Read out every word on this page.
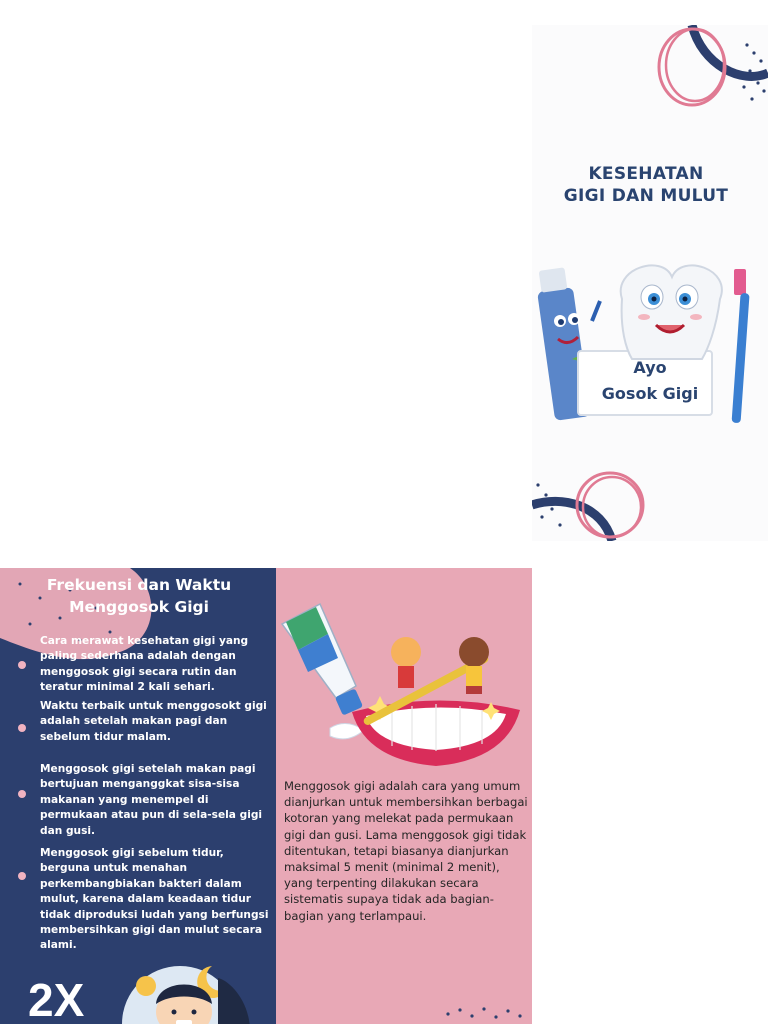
KESEHATAN
GIGI DAN MULUT
Ayo
Gosok Gigi
Frekuensi dan Waktu
Menggosok Gigi
Cara merawat kesehatan gigi yang paling sederhana adalah dengan menggosok gigi secara rutin dan teratur minimal 2 kali sehari.
Waktu terbaik untuk menggosokt gigi adalah setelah makan pagi dan sebelum tidur malam.
Menggosok gigi setelah makan pagi bertujuan menganggkat sisa-sisa makanan yang menempel di permukaan atau pun di sela-sela gigi dan gusi.
Menggosok gigi sebelum tidur, berguna untuk menahan perkembangbiakan bakteri dalam mulut, karena dalam keadaan tidur tidak diproduksi ludah yang berfungsi membersihkan gigi dan mulut secara alami.
2X
Menggosok gigi adalah cara yang umum dianjurkan untuk membersihkan berbagai kotoran yang melekat pada permukaan gigi dan gusi. Lama menggosok gigi tidak ditentukan, tetapi biasanya dianjurkan maksimal 5 menit (minimal 2 menit), yang terpenting dilakukan secara sistematis supaya tidak ada bagian-bagian yang terlampaui.
